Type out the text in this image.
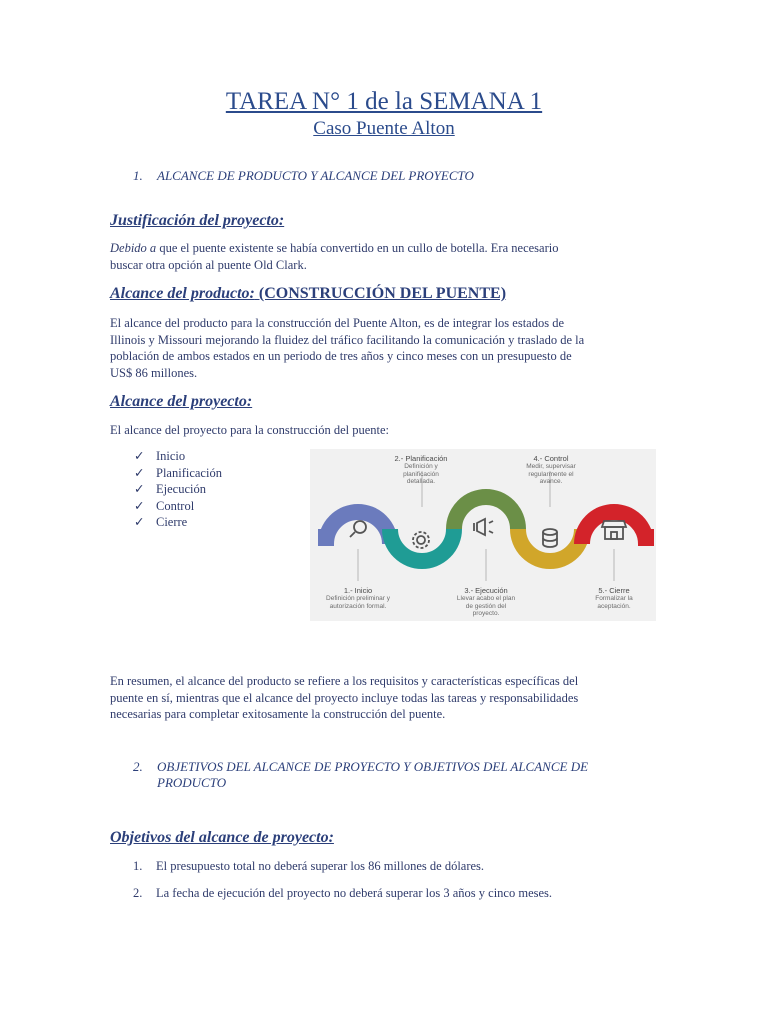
TAREA N° 1 de la SEMANA 1
Caso Puente Alton
1. ALCANCE DE PRODUCTO Y ALCANCE DEL PROYECTO
Justificación del proyecto:
Debido a que el puente existente se había convertido en un cullo de botella. Era necesario
buscar otra opción al puente Old Clark.
Alcance del producto: (CONSTRUCCIÓN DEL PUENTE)
El alcance del producto para la construcción del Puente Alton, es de integrar los estados de
Illinois y Missouri mejorando la fluidez del tráfico facilitando la comunicación y traslado de la
población de ambos estados en un periodo de tres años y cinco meses con un presupuesto de
US$ 86 millones.
Alcance del proyecto:
El alcance del proyecto para la construcción del puente:
✓ Inicio
✓ Planificación
✓ Ejecución
✓ Control
✓ Cierre
2.- Planificación
Definición y
planificación
detallada.
4.- Control
Medir, supervisar
regularmente el
avance.
1.- Inicio
Definición preliminar y
autorización formal.
3.- Ejecución
Llevar acabo el plan
de gestión del
proyecto.
5.- Cierre
Formalizar la
aceptación.
En resumen, el alcance del producto se refiere a los requisitos y características específicas del
puente en sí, mientras que el alcance del proyecto incluye todas las tareas y responsabilidades
necesarias para completar exitosamente la construcción del puente.
2. OBJETIVOS DEL ALCANCE DE PROYECTO Y OBJETIVOS DEL ALCANCE DE
PRODUCTO
Objetivos del alcance de proyecto:
1. El presupuesto total no deberá superar los 86 millones de dólares.
2. La fecha de ejecución del proyecto no deberá superar los 3 años y cinco meses.
